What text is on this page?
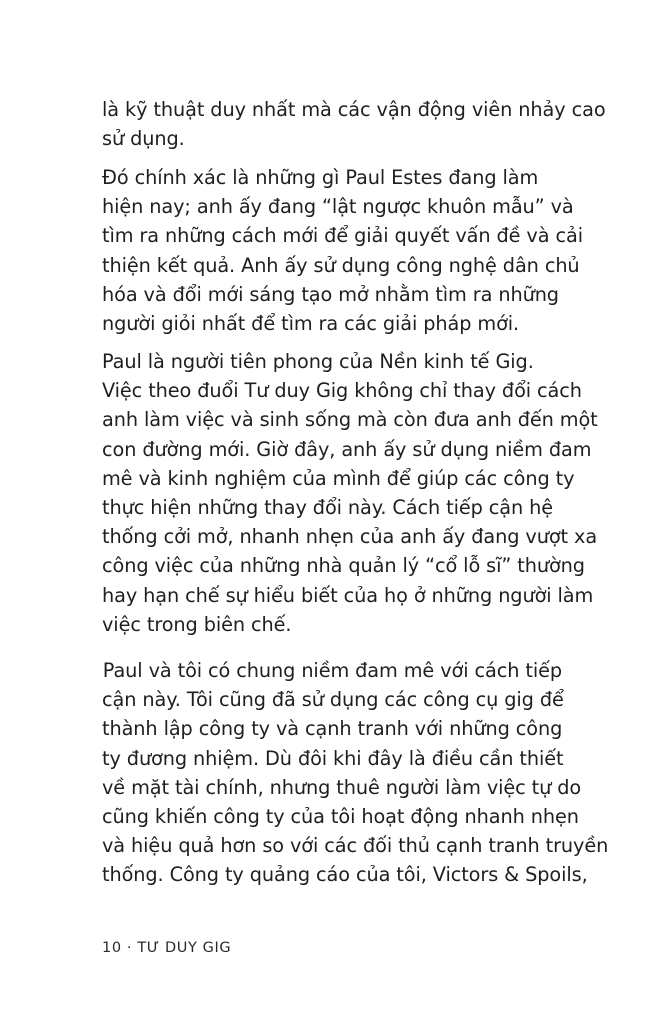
là kỹ thuật duy nhất mà các vận động viên nhảy cao
sử dụng.
Đó chính xác là những gì Paul Estes đang làm
hiện nay; anh ấy đang “lật ngược khuôn mẫu” và
tìm ra những cách mới để giải quyết vấn đề và cải
thiện kết quả. Anh ấy sử dụng công nghệ dân chủ
hóa và đổi mới sáng tạo mở nhằm tìm ra những
người giỏi nhất để tìm ra các giải pháp mới.
Paul là người tiên phong của Nền kinh tế Gig.
Việc theo đuổi Tư duy Gig không chỉ thay đổi cách
anh làm việc và sinh sống mà còn đưa anh đến một
con đường mới. Giờ đây, anh ấy sử dụng niềm đam
mê và kinh nghiệm của mình để giúp các công ty
thực hiện những thay đổi này. Cách tiếp cận hệ
thống cởi mở, nhanh nhẹn của anh ấy đang vượt xa
công việc của những nhà quản lý “cổ lỗ sĩ” thường
hay hạn chế sự hiểu biết của họ ở những người làm
việc trong biên chế.
Paul và tôi có chung niềm đam mê với cách tiếp
cận này. Tôi cũng đã sử dụng các công cụ gig để
thành lập công ty và cạnh tranh với những công
ty đương nhiệm. Dù đôi khi đây là điều cần thiết
về mặt tài chính, nhưng thuê người làm việc tự do
cũng khiến công ty của tôi hoạt động nhanh nhẹn
và hiệu quả hơn so với các đối thủ cạnh tranh truyền
thống. Công ty quảng cáo của tôi, Victors & Spoils,
10 · TƯ DUY GIG
